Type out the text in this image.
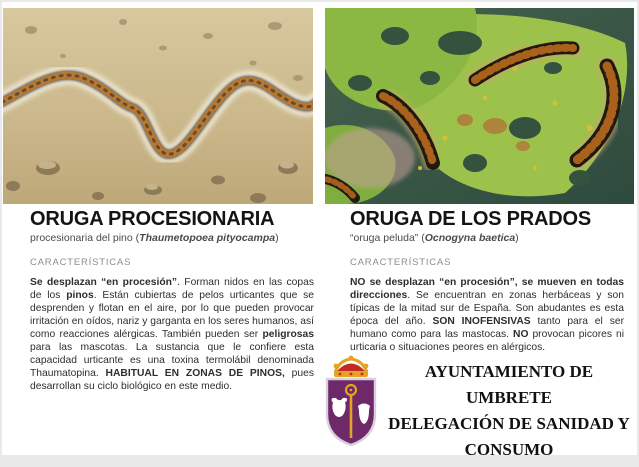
ORUGA PROCESIONARIA
procesionaria del pino (Thaumetopoea pityocampa)
CARACTERÍSTICAS
Se desplazan “en procesión”. Forman nidos en las copas de los pinos. Están cubiertas de pelos urticantes que se desprenden y flotan en el aire, por lo que pueden provocar irritación en oídos, nariz y garganta en los seres humanos, así como reacciones alérgicas. También pueden ser peligrosas para las mascotas. La sustancia que le confiere esta capacidad urticante es una toxina termolábil denominada Thaumatopina. HABITUAL EN ZONAS DE PINOS, pues desarrollan su ciclo biológico en este medio.
ORUGA DE LOS PRADOS
“oruga peluda” (Ocnogyna baetica)
CARACTERÍSTICAS
NO se desplazan “en procesión”, se mueven en todas direcciones. Se encuentran en zonas herbáceas y son típicas de la mitad sur de España. Son abudantes es esta época del año. SON INOFENSIVAS tanto para el ser humano como para las mastocas. NO provocan picores ni urticaria o situaciones peores en alérgicos.
AYUNTAMIENTO DE UMBRETE
DELEGACIÓN DE SANIDAD Y
CONSUMO
